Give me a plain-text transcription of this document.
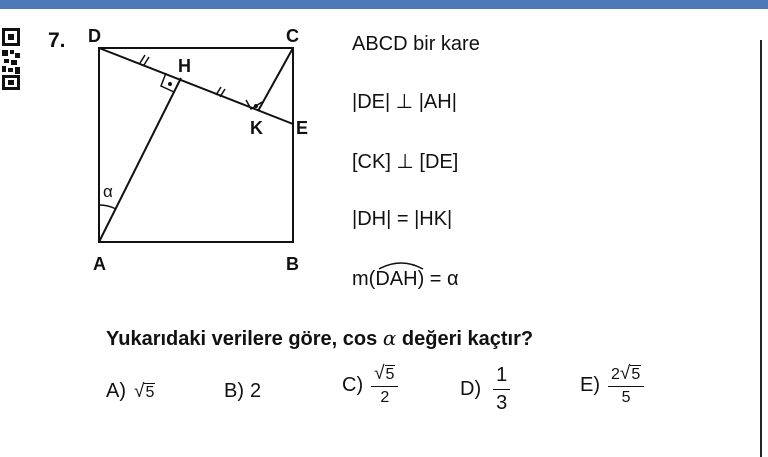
7. D	C
H
K E
A	B
α
ABCD bir kare
|DE| ⊥ |AH|
[CK] ⊥ [DE]
|DH| = |HK|
m(
DAH) = α
Yukarıdaki verilere göre, cos α değeri kaçtır?
A) √ 5	B) 2	$C) \frac{√ 5}{2}$	$D) \frac{1}{3}$	$E) \frac{2 √ 5}{5}$
